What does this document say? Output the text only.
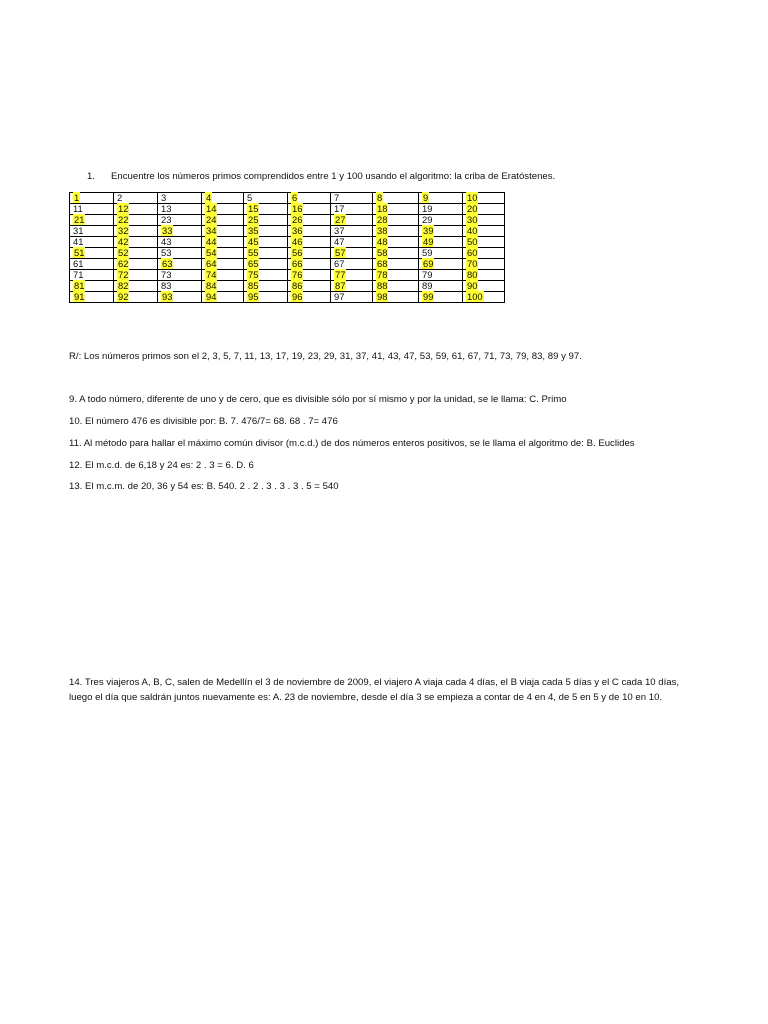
1. Encuentre los números primos comprendidos entre 1 y 100 usando el algoritmo: la criba de Eratóstenes.
1	2	3	4	5	6	7	8	9	10
11	12	13	14	15	16	17	18	19	20
21	22	23	24	25	26	27	28	29	30
31	32	33	34	35	36	37	38	39	40
41	42	43	44	45	46	47	48	49	50
51	52	53	54	55	56	57	58	59	60
61	62	63	64	65	66	67	68	69	70
71	72	73	74	75	76	77	78	79	80
81	82	83	84	85	86	87	88	89	90
91	92	93	94	95	96	97	98	99	100
R/: Los números primos son el 2, 3, 5, 7, 11, 13, 17, 19, 23, 29, 31, 37, 41, 43, 47, 53, 59, 61, 67, 71, 73, 79, 83, 89 y 97.
9. A todo número, diferente de uno y de cero, que es divisible sólo por sí mismo y por la unidad, se le llama: C. Primo
10. El número 476 es divisible por: B. 7. 476/7= 68. 68 . 7= 476
11. Al método para hallar el máximo común divisor (m.c.d.) de dos números enteros positivos, se le llama el algoritmo de: B. Euclides
12. El m.c.d. de 6,18 y 24 es: 2 . 3 = 6. D. 6
13. El m.c.m. de 20, 36 y 54 es: B. 540. 2 . 2 . 3 . 3 . 3 . 5 = 540
14. Tres viajeros A, B, C, salen de Medellín el 3 de noviembre de 2009, el viajero A viaja cada 4 días, el B viaja cada 5 días y el C cada 10 días,
luego el día que saldrán juntos nuevamente es: A. 23 de noviembre, desde el día 3 se empieza a contar de 4 en 4, de 5 en 5 y de 10 en 10.
